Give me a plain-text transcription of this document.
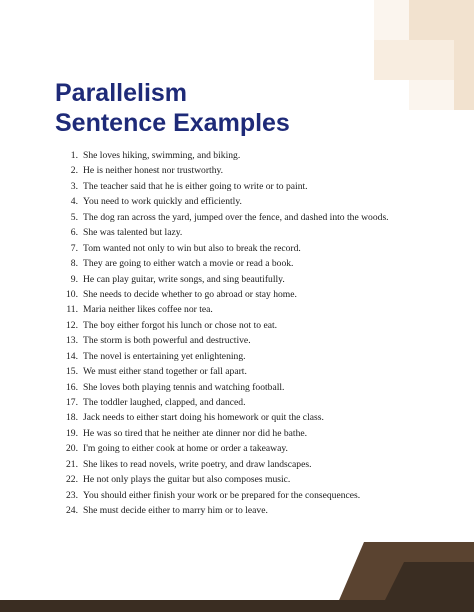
Parallelism
Sentence Examples
1. She loves hiking, swimming, and biking.
2. He is neither honest nor trustworthy.
3. The teacher said that he is either going to write or to paint.
4. You need to work quickly and efficiently.
5. The dog ran across the yard, jumped over the fence, and dashed into the woods.
6. She was talented but lazy.
7. Tom wanted not only to win but also to break the record.
8. They are going to either watch a movie or read a book.
9. He can play guitar, write songs, and sing beautifully.
10. She needs to decide whether to go abroad or stay home.
11. Maria neither likes coffee nor tea.
12. The boy either forgot his lunch or chose not to eat.
13. The storm is both powerful and destructive.
14. The novel is entertaining yet enlightening.
15. We must either stand together or fall apart.
16. She loves both playing tennis and watching football.
17. The toddler laughed, clapped, and danced.
18. Jack needs to either start doing his homework or quit the class.
19. He was so tired that he neither ate dinner nor did he bathe.
20. I'm going to either cook at home or order a takeaway.
21. She likes to read novels, write poetry, and draw landscapes.
22. He not only plays the guitar but also composes music.
23. You should either finish your work or be prepared for the consequences.
24. She must decide either to marry him or to leave.
